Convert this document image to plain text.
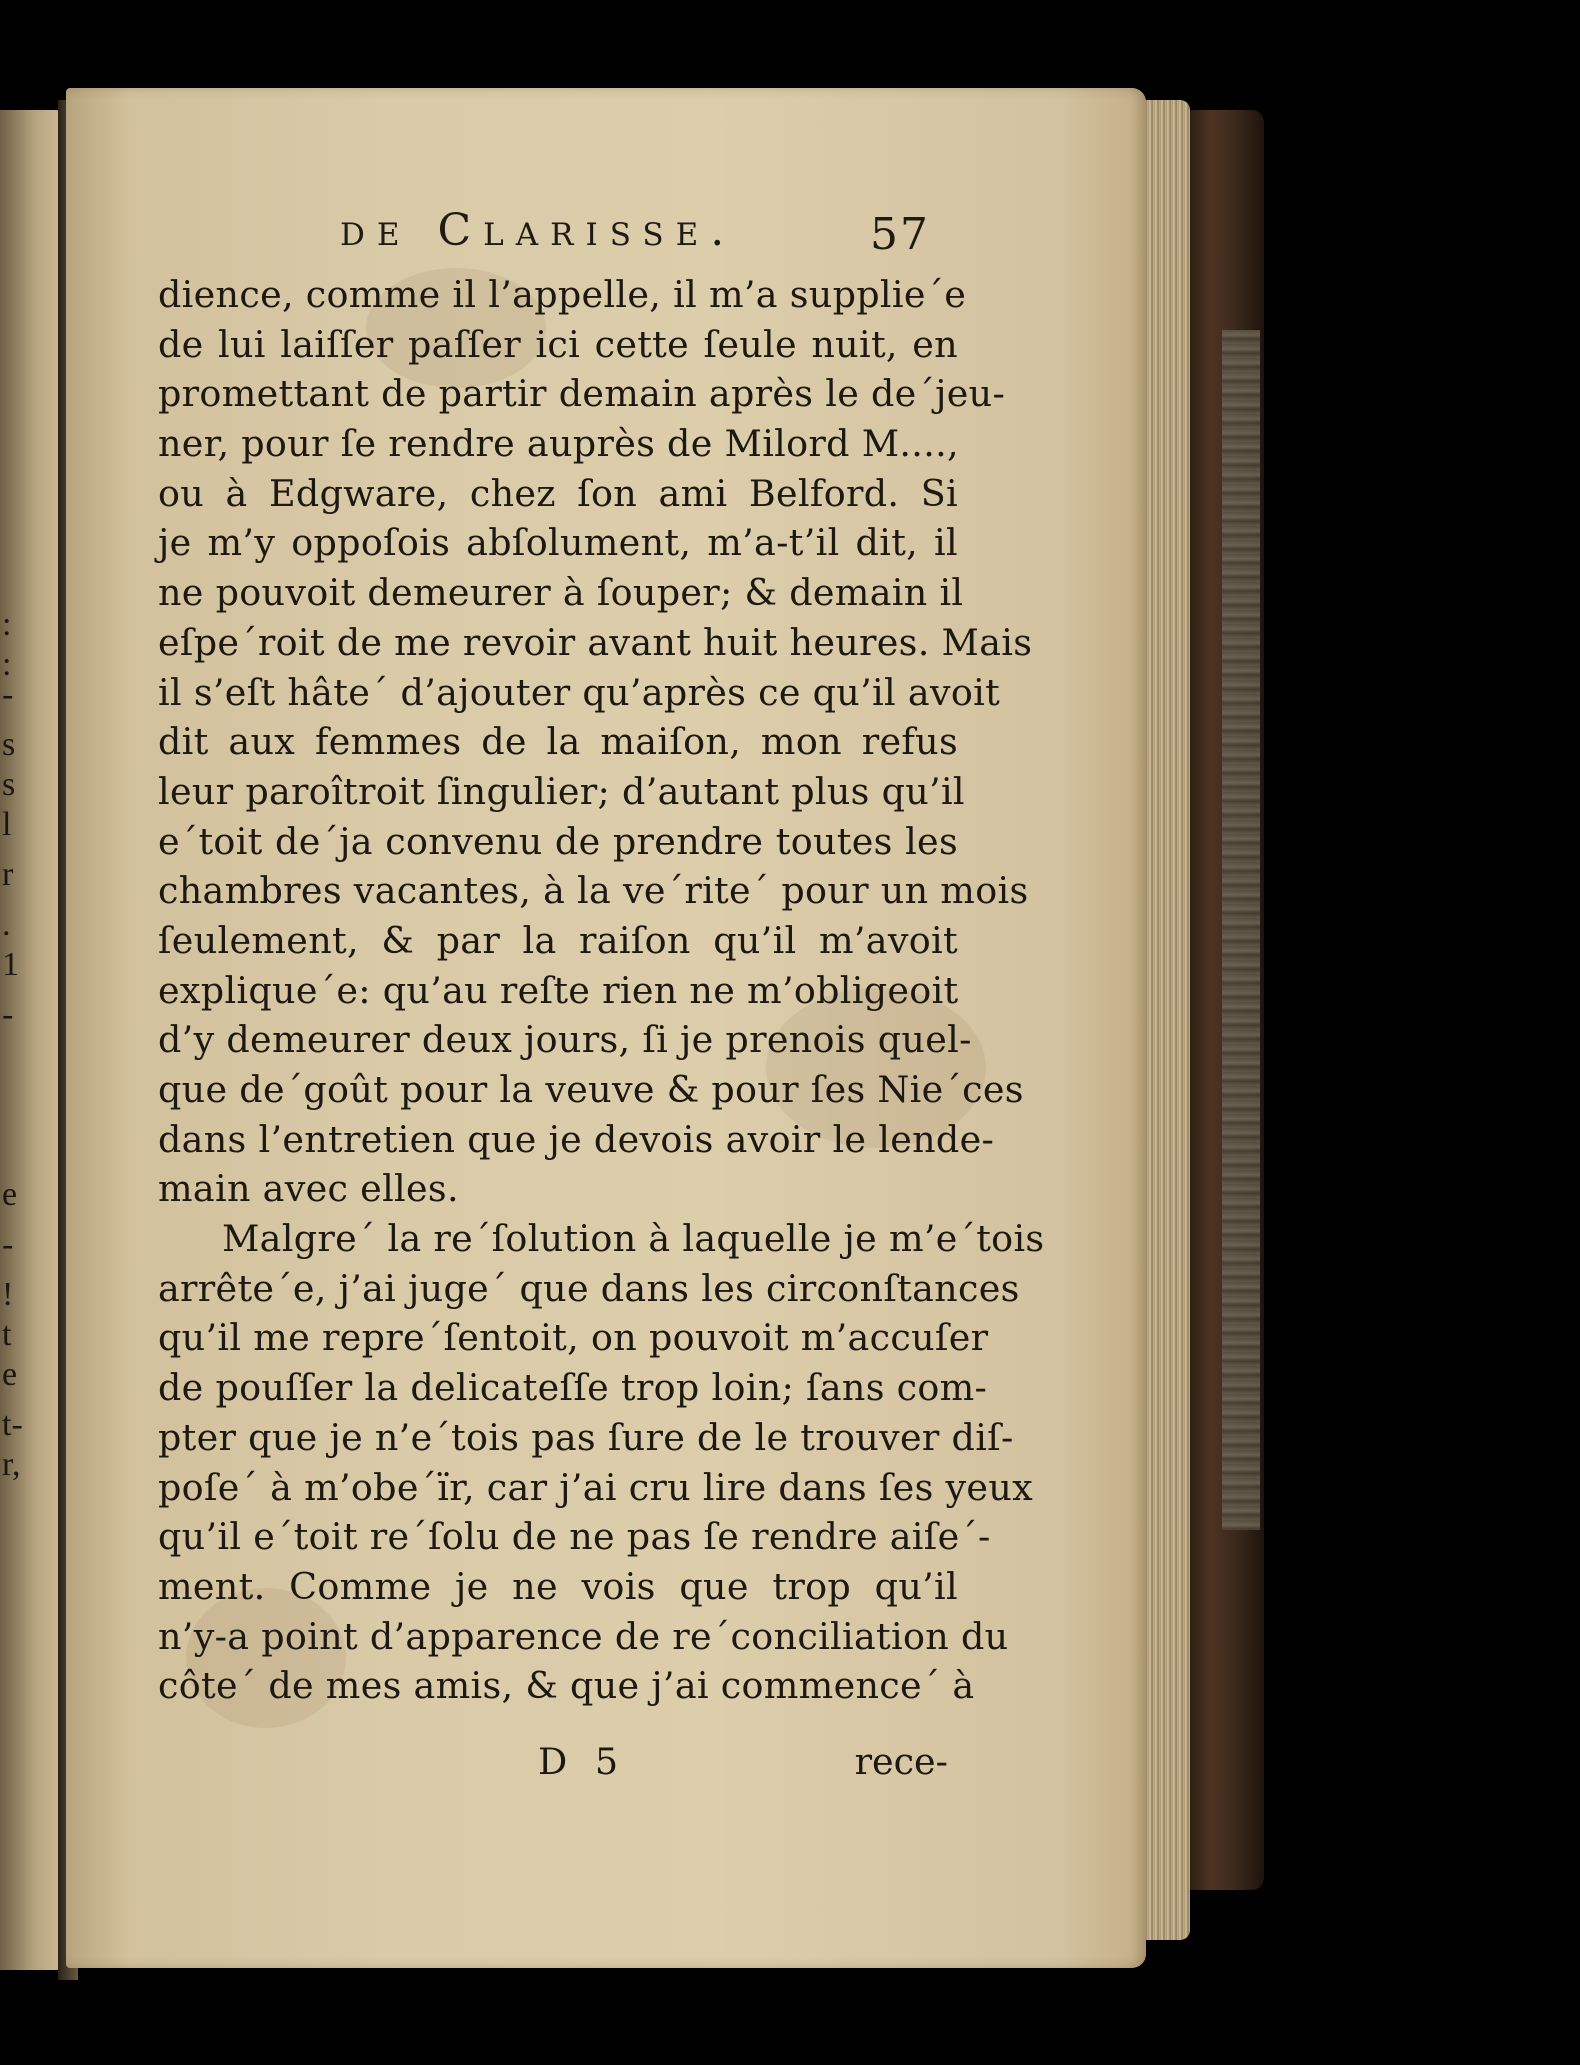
:
:
-
s
s
l
r
.
1
-
e
-
!
t
e
t-
r,
de Clarisse.	57
dience, comme il l’appelle, il m’a supplie´e
de lui laiſſer paſſer ici cette ſeule nuit, en
promettant de partir demain après le de´jeu-
ner, pour ſe rendre auprès de Milord M....,
ou à Edgware, chez ſon ami Belford. Si
je m’y oppoſois abſolument, m’a-t’il dit, il
ne pouvoit demeurer à ſouper; & demain il
eſpe´roit de me revoir avant huit heures. Mais
il s’eſt hâte´ d’ajouter qu’après ce qu’il avoit
dit aux femmes de la maiſon, mon refus
leur paroîtroit ſingulier; d’autant plus qu’il
e´toit de´ja convenu de prendre toutes les
chambres vacantes, à la ve´rite´ pour un mois
ſeulement, & par la raiſon qu’il m’avoit
explique´e: qu’au reſte rien ne m’obligeoit
d’y demeurer deux jours, ſi je prenois quel-
que de´goût pour la veuve & pour ſes Nie´ces
dans l’entretien que je devois avoir le lende-
main avec elles.
Malgre´ la re´ſolution à laquelle je m’e´tois
arrête´e, j’ai juge´ que dans les circonſtances
qu’il me repre´ſentoit, on pouvoit m’accuſer
de pouſſer la delicateſſe trop loin; ſans com-
pter que je n’e´tois pas ſure de le trouver diſ-
poſe´ à m’obe´ïr, car j’ai cru lire dans ſes yeux
qu’il e´toit re´ſolu de ne pas ſe rendre aiſe´-
ment. Comme je ne vois que trop qu’il
n’y-a point d’apparence de re´conciliation du
côte´ de mes amis, & que j’ai commence´ à
D 5	rece-
